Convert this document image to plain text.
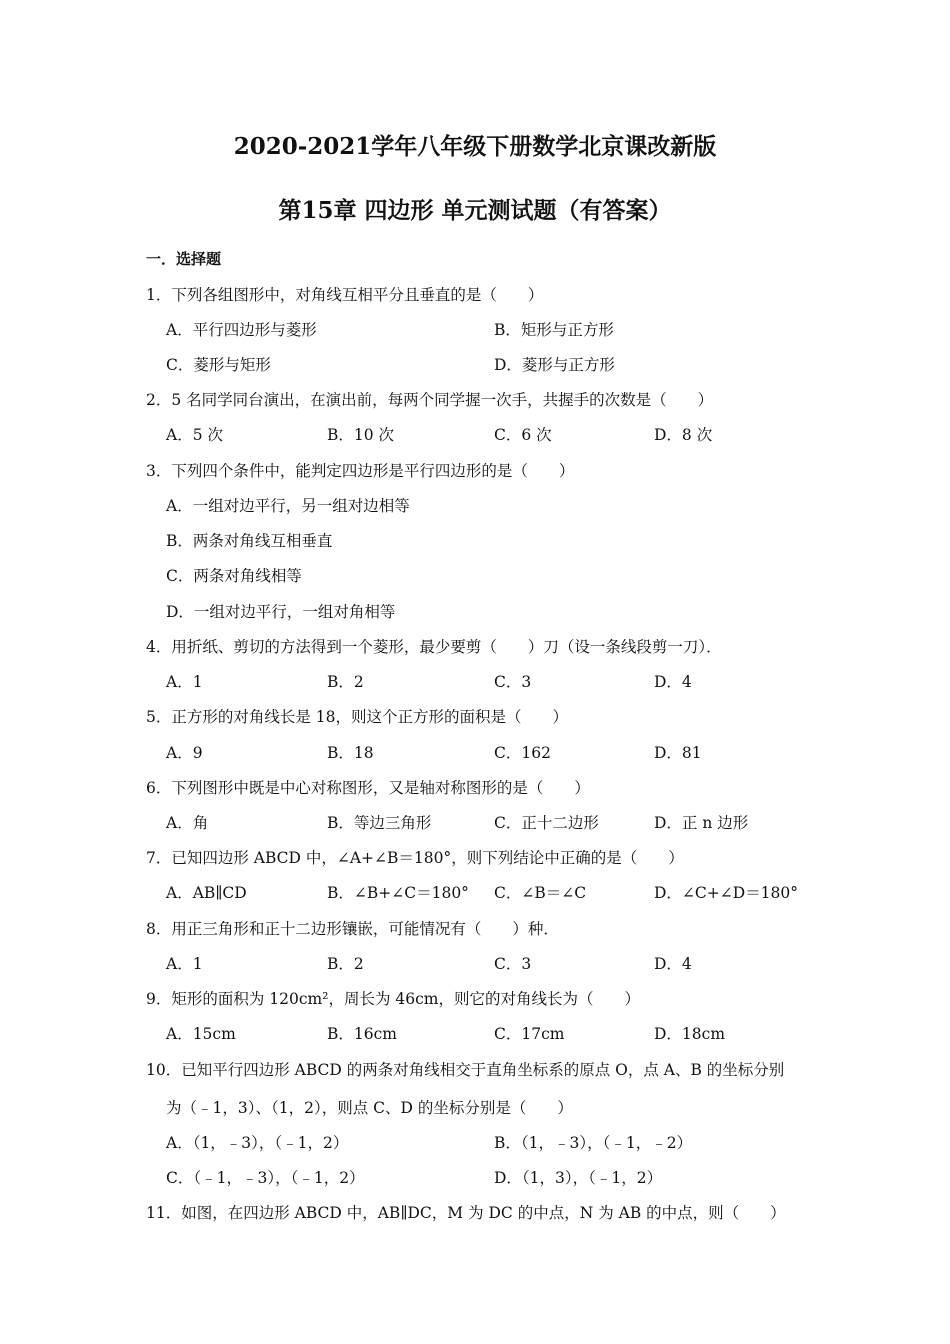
2020-2021学年八年级下册数学北京课改新版
第15章 四边形 单元测试题（有答案）
一．选择题
1．下列各组图形中，对角线互相平分且垂直的是（　　）
A．平行四边形与菱形	B．矩形与正方形
C．菱形与矩形	D．菱形与正方形
2．5 名同学同台演出，在演出前，每两个同学握一次手，共握手的次数是（　　）
A．5 次	B．10 次	C．6 次	D．8 次
3．下列四个条件中，能判定四边形是平行四边形的是（　　）
A．一组对边平行，另一组对边相等
B．两条对角线互相垂直
C．两条对角线相等
D．一组对边平行，一组对角相等
4．用折纸、剪切的方法得到一个菱形，最少要剪（　　）刀（设一条线段剪一刀）．
A．1	B．2	C．3	D．4
5．正方形的对角线长是 18，则这个正方形的面积是（　　）
A．9	B．18	C．162	D．81
6．下列图形中既是中心对称图形，又是轴对称图形的是（　　）
A．角	B．等边三角形	C．正十二边形	D．正 n 边形
7．已知四边形 ABCD 中，∠A+∠B＝180°，则下列结论中正确的是（　　）
A．AB∥CD	B．∠B+∠C＝180° C．∠B＝∠C	D．∠C+∠D＝180°
8．用正三角形和正十二边形镶嵌，可能情况有（　　）种．
A．1	B．2	C．3	D．4
9．矩形的面积为 120cm²，周长为 46cm，则它的对角线长为（　　）
A．15cm	B．16cm	C．17cm	D．18cm
10．已知平行四边形 ABCD 的两条对角线相交于直角坐标系的原点 O，点 A、B 的坐标分别
为（﹣1，3）、（1，2），则点 C、D 的坐标分别是（　　）
A．（1，﹣3），（﹣1，2）	B．（1，﹣3），（﹣1，﹣2）
C．（﹣1，﹣3），（﹣1，2）	D．（1，3），（﹣1，2）
11．如图，在四边形 ABCD 中，AB∥DC，M 为 DC 的中点，N 为 AB 的中点，则（　　）
